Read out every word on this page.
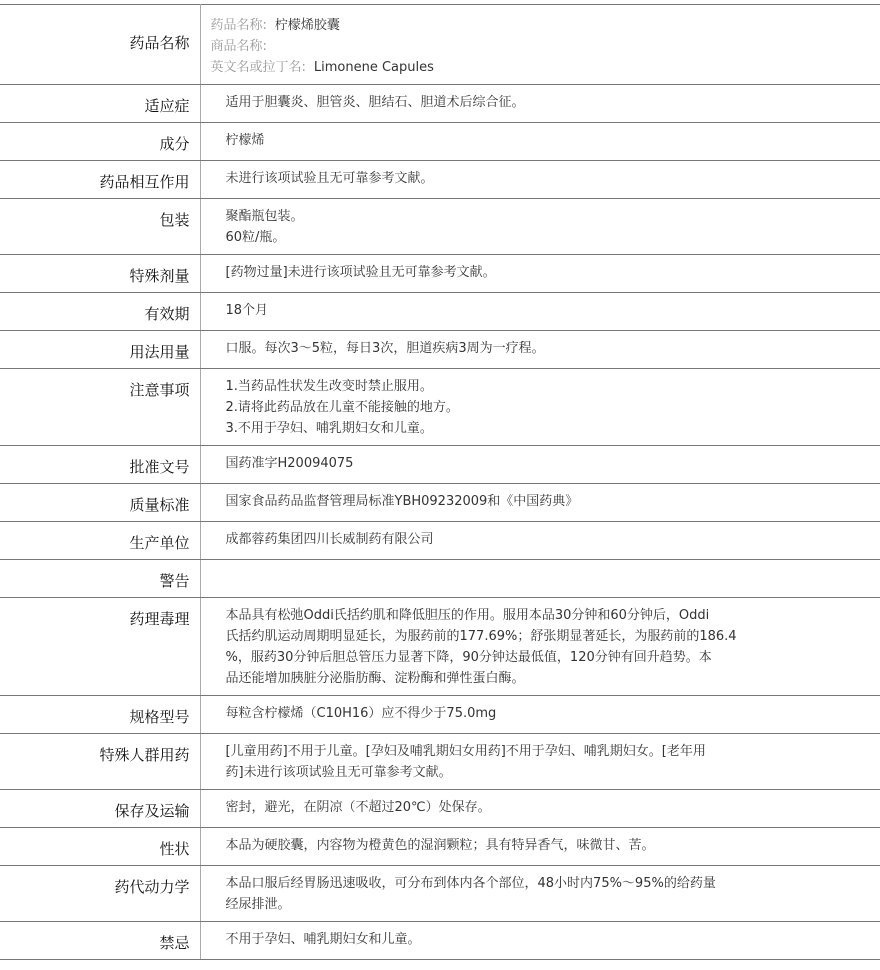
药品名称	药品名称: 柠檬烯胶囊
商品名称:
英文名或拉丁名: Limonene Capules

适应症	适用于胆囊炎、胆管炎、胆结石、胆道术后综合征。

成分	柠檬烯

药品相互作用	未进行该项试验且无可靠参考文献。

包装	聚酯瓶包装。
60粒/瓶。

特殊剂量	[药物过量]未进行该项试验且无可靠参考文献。

有效期	18个月

用法用量	口服。每次3～5粒，每日3次，胆道疾病3周为一疗程。

注意事项	1.当药品性状发生改变时禁止服用。
2.请将此药品放在儿童不能接触的地方。
3.不用于孕妇、哺乳期妇女和儿童。

批准文号	国药准字H20094075

质量标准	国家食品药品监督管理局标准YBH09232009和《中国药典》

生产单位	成都蓉药集团四川长威制药有限公司

警告	

药理毒理	本品具有松弛Oddi氏括约肌和降低胆压的作用。服用本品30分钟和60分钟后，Oddi
氏括约肌运动周期明显延长，为服药前的177.69%；舒张期显著延长，为服药前的186.4
%，服药30分钟后胆总管压力显著下降，90分钟达最低值，120分钟有回升趋势。本
品还能增加胰脏分泌脂肪酶、淀粉酶和弹性蛋白酶。

规格型号	每粒含柠檬烯（C10H16）应不得少于75.0mg

特殊人群用药	[儿童用药]不用于儿童。[孕妇及哺乳期妇女用药]不用于孕妇、哺乳期妇女。[老年用
药]未进行该项试验且无可靠参考文献。

保存及运输	密封，避光，在阴凉（不超过20℃）处保存。

性状	本品为硬胶囊，内容物为橙黄色的湿润颗粒；具有特异香气，味微甘、苦。

药代动力学	本品口服后经胃肠迅速吸收，可分布到体内各个部位，48小时内75%～95%的给药量
经尿排泄。

禁忌	不用于孕妇、哺乳期妇女和儿童。
